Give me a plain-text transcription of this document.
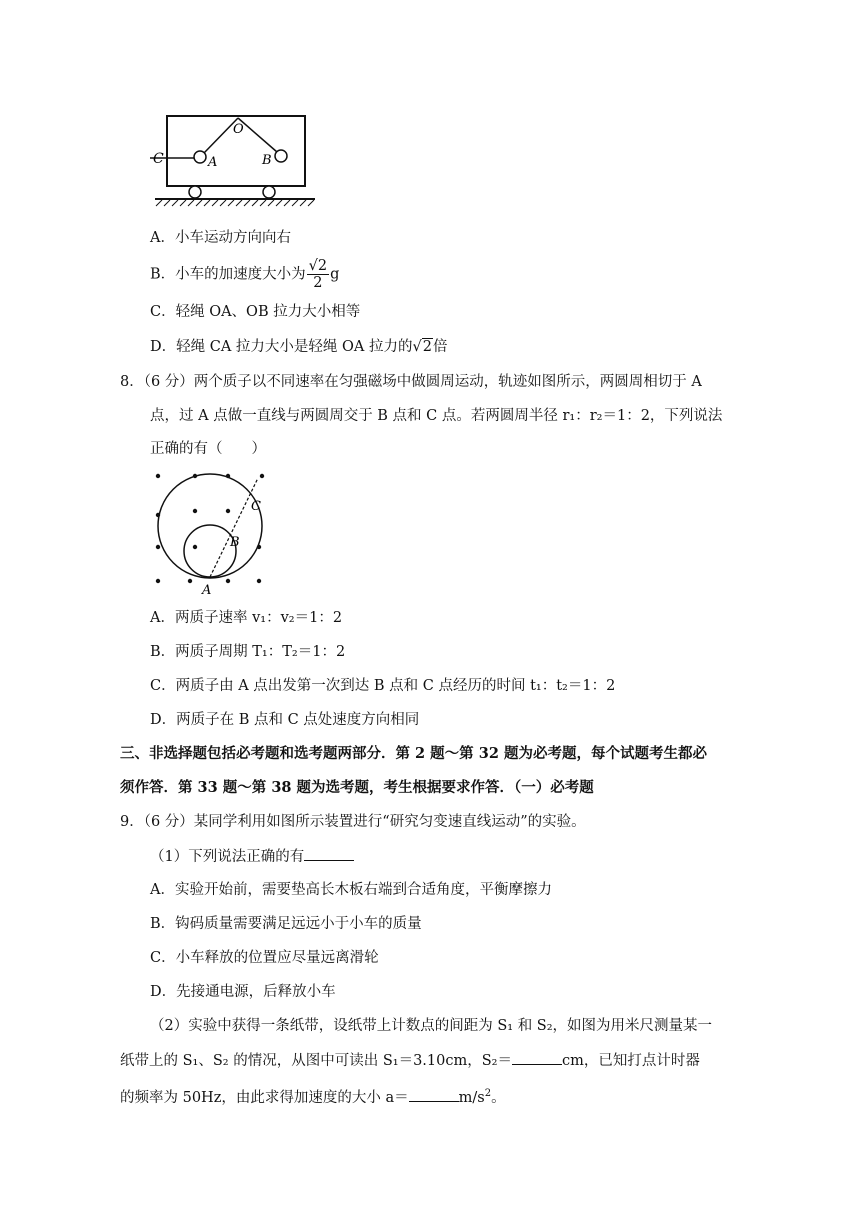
C	A
O
B
A．小车运动方向向右
B．小车的加速度大小为 $\frac{√2}{2}$ g
C．轻绳 OA、OB 拉力大小相等
D．轻绳 CA 拉力大小是轻绳 OA 拉力的√2倍
8．（6 分）两个质子以不同速率在匀强磁场中做圆周运动，轨迹如图所示，两圆周相切于 A
点，过 A 点做一直线与两圆周交于 B 点和 C 点。若两圆周半径 r₁：r₂＝1：2，下列说法
正确的有（　　）
A
B
C
A．两质子速率 v₁：v₂＝1：2
B．两质子周期 T₁：T₂＝1：2
C．两质子由 A 点出发第一次到达 B 点和 C 点经历的时间 t₁：t₂＝1：2
D．两质子在 B 点和 C 点处速度方向相同
三、非选择题包括必考题和选考题两部分．第 2 题～第 32 题为必考题，每个试题考生都必
须作答．第 33 题～第 38 题为选考题，考生根据要求作答．（一）必考题
9．（6 分）某同学利用如图所示装置进行“研究匀变速直线运动”的实验。
（1）下列说法正确的有
A．实验开始前，需要垫高长木板右端到合适角度，平衡摩擦力
B．钩码质量需要满足远远小于小车的质量
C．小车释放的位置应尽量远离滑轮
D．先接通电源，后释放小车
（2）实验中获得一条纸带，设纸带上计数点的间距为 S₁ 和 S₂，如图为用米尺测量某一
纸带上的 S₁、S₂ 的情况，从图中可读出 S₁＝3.10cm，S₂＝	cm，已知打点计时器
的频率为 50Hz，由此求得加速度的大小 a＝	$m/s^2$。
